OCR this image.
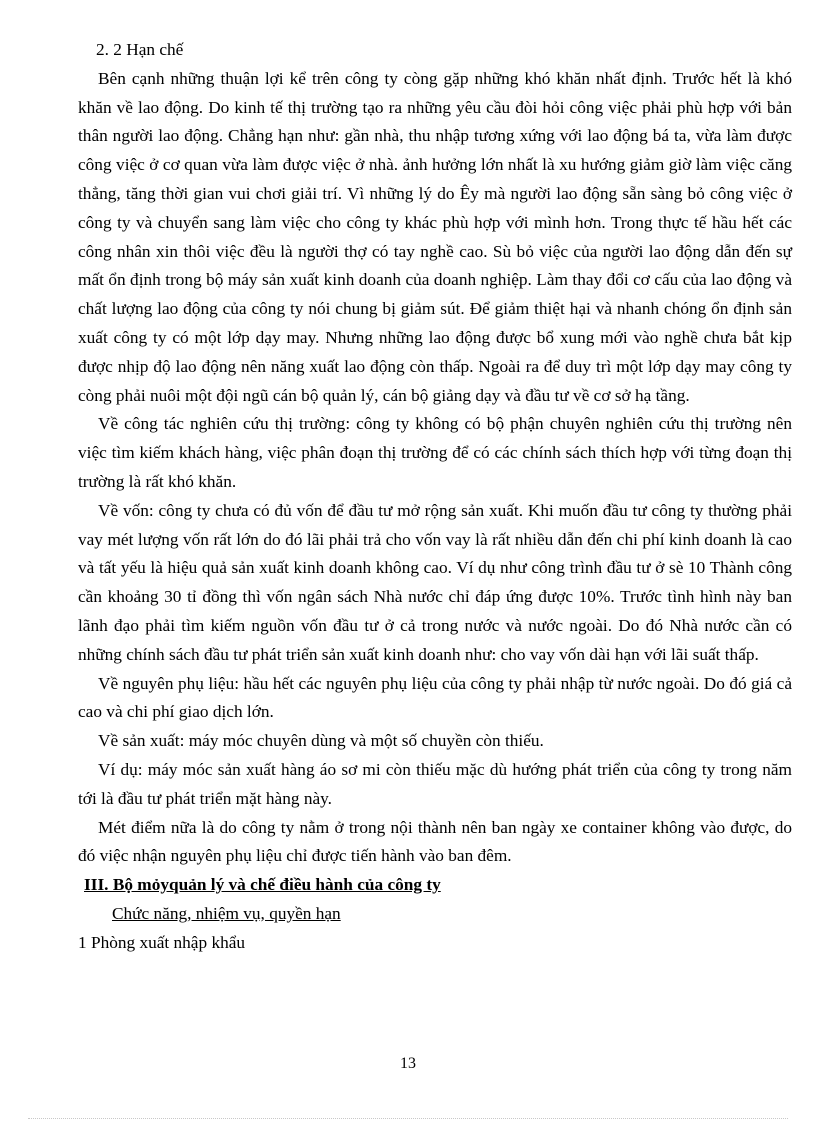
2. 2 Hạn chế

Bên cạnh những thuận lợi kể trên công ty còng gặp những khó khăn nhất định. Trước hết là khó khăn về lao động. Do kinh tế thị trường tạo ra những yêu cầu đòi hỏi công việc phải phù hợp với bản thân người lao động. Chẳng hạn như: gần nhà, thu nhập tương xứng với lao động bá ta, vừa làm được công việc ở cơ quan vừa làm được việc ở nhà. ảnh hưởng lớn nhất là xu hướng giảm giờ làm việc căng thẳng, tăng thời gian vui chơi giải trí. Vì những lý do Êy mà người lao động sẵn sàng bỏ công việc ở công ty và chuyển sang làm việc cho công ty khác phù hợp với mình hơn. Trong thực tế hầu hết các công nhân xin thôi việc đều là người thợ có tay nghề cao. Sù bỏ việc của người lao động dẫn đến sự mất ổn định trong bộ máy sản xuất kinh doanh của doanh nghiệp. Làm thay đổi cơ cấu của lao động và chất lượng lao động của công ty nói chung bị giảm sút. Để giảm thiệt hại và nhanh chóng ổn định sản xuất công ty có một lớp dạy may. Nhưng những lao động được bổ xung mới vào nghề chưa bắt kịp được nhịp độ lao động nên năng xuất lao động còn thấp. Ngoài ra để duy trì một lớp dạy may công ty còng phải nuôi một đội ngũ cán bộ quản lý, cán bộ giảng dạy và đầu tư về cơ sở hạ tầng.

Về công tác nghiên cứu thị trường: công ty không có bộ phận chuyên nghiên cứu thị trường nên việc tìm kiếm khách hàng, việc phân đoạn thị trường để có các chính sách thích hợp với từng đoạn thị trường là rất khó khăn.

Về vốn: công ty chưa có đủ vốn để đầu tư mở rộng sản xuất. Khi muốn đầu tư công ty thường phải vay mét lượng vốn rất lớn do đó lãi phải trả cho vốn vay là rất nhiều dẫn đến chi phí kinh doanh là cao và tất yếu là hiệu quả sản xuất kinh doanh không cao. Ví dụ như công trình đầu tư ở sè 10 Thành công cần khoảng 30 tỉ đồng thì vốn ngân sách Nhà nước chỉ đáp ứng được 10%. Trước tình hình này ban lãnh đạo phải tìm kiếm nguồn vốn đầu tư ở cả trong nước và nước ngoài. Do đó Nhà nước cần có những chính sách đầu tư phát triển sản xuất kinh doanh như: cho vay vốn dài hạn với lãi suất thấp.

Về nguyên phụ liệu: hầu hết các nguyên phụ liệu của công ty phải nhập từ nước ngoài. Do đó giá cả cao và chi phí giao dịch lớn.

Về sản xuất: máy móc chuyên dùng và một số chuyền còn thiếu.

Ví dụ: máy móc sản xuất hàng áo sơ mi còn thiếu mặc dù hướng phát triển của công ty trong năm tới là đầu tư phát triển mặt hàng này.

Mét điểm nữa là do công ty nằm ở trong nội thành nên ban ngày xe container không vào được, do đó việc nhận nguyên phụ liệu chỉ được tiến hành vào ban đêm.

III. Bộ mỏyquản lý và chế điều hành của công ty
Chức năng, nhiệm vụ, quyền hạn
1 Phòng xuất nhập khẩu
13
